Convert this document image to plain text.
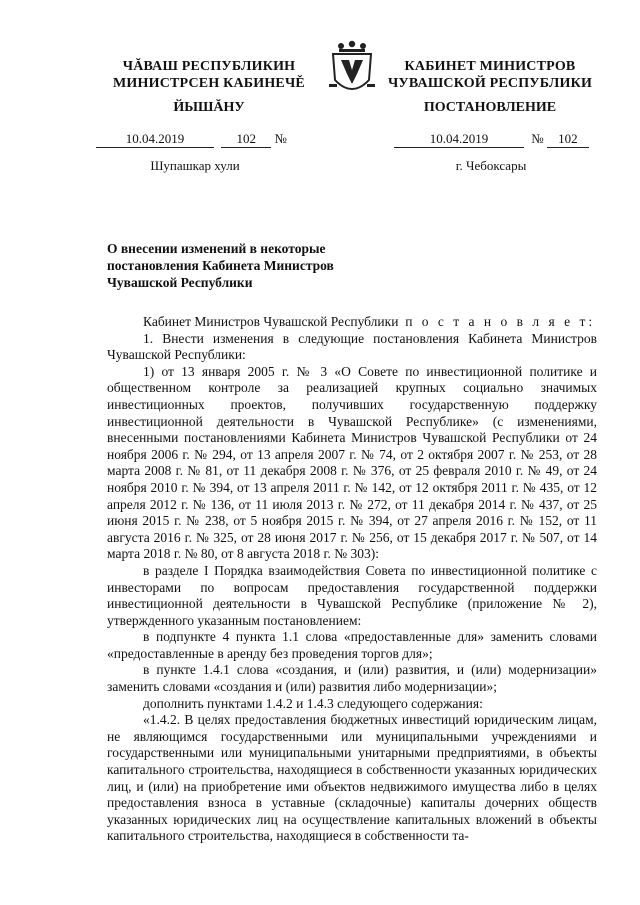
ЧĂВАШ РЕСПУБЛИКИН
МИНИСТРСЕН КАБИНЕЧĚ
ЙЫШĂНУ
КАБИНЕТ МИНИСТРОВ
ЧУВАШСКОЙ РЕСПУБЛИКИ
ПОСТАНОВЛЕНИЕ
10.04.2019	102 №	10.04.2019	№ 102
Шупашкар хули	г. Чебоксары
О внесении изменений в некоторые постановления Кабинета Министров Чувашской Республики

Кабинет Министров Чувашской Республики п о с т а н о в л я е т:

1. Внести изменения в следующие постановления Кабинета Министров Чувашской Республики:

1) от 13 января 2005 г. № 3 «О Совете по инвестиционной политике и общественном контроле за реализацией крупных социально значимых инвестиционных проектов, получивших государственную поддержку инвестиционной деятельности в Чувашской Республике» (с изменениями, внесенными постановлениями Кабинета Министров Чувашской Республики от 24 ноября 2006 г. № 294, от 13 апреля 2007 г. № 74, от 2 октября 2007 г. № 253, от 28 марта 2008 г. № 81, от 11 декабря 2008 г. № 376, от 25 февраля 2010 г. № 49, от 24 ноября 2010 г. № 394, от 13 апреля 2011 г. № 142, от 12 октября 2011 г. № 435, от 12 апреля 2012 г. № 136, от 11 июля 2013 г. № 272, от 11 декабря 2014 г. № 437, от 25 июня 2015 г. № 238, от 5 ноября 2015 г. № 394, от 27 апреля 2016 г. № 152, от 11 августа 2016 г. № 325, от 28 июня 2017 г. № 256, от 15 декабря 2017 г. № 507, от 14 марта 2018 г. № 80, от 8 августа 2018 г. № 303):

в разделе I Порядка взаимодействия Совета по инвестиционной политике с инвесторами по вопросам предоставления государственной поддержки инвестиционной деятельности в Чувашской Республике (приложение № 2), утвержденного указанным постановлением:

в подпункте 4 пункта 1.1 слова «предоставленные для» заменить словами «предоставленные в аренду без проведения торгов для»;

в пункте 1.4.1 слова «создания, и (или) развития, и (или) модернизации» заменить словами «создания и (или) развития либо модернизации»;

дополнить пунктами 1.4.2 и 1.4.3 следующего содержания:

«1.4.2. В целях предоставления бюджетных инвестиций юридическим лицам, не являющимся государственными или муниципальными учреждениями и государственными или муниципальными унитарными предприятиями, в объекты капитального строительства, находящиеся в собственности указанных юридических лиц, и (или) на приобретение ими объектов недвижимого имущества либо в целях предоставления взноса в уставные (складочные) капиталы дочерних обществ указанных юридических лиц на осуществление капитальных вложений в объекты капитального строительства, находящиеся в собственности та-
